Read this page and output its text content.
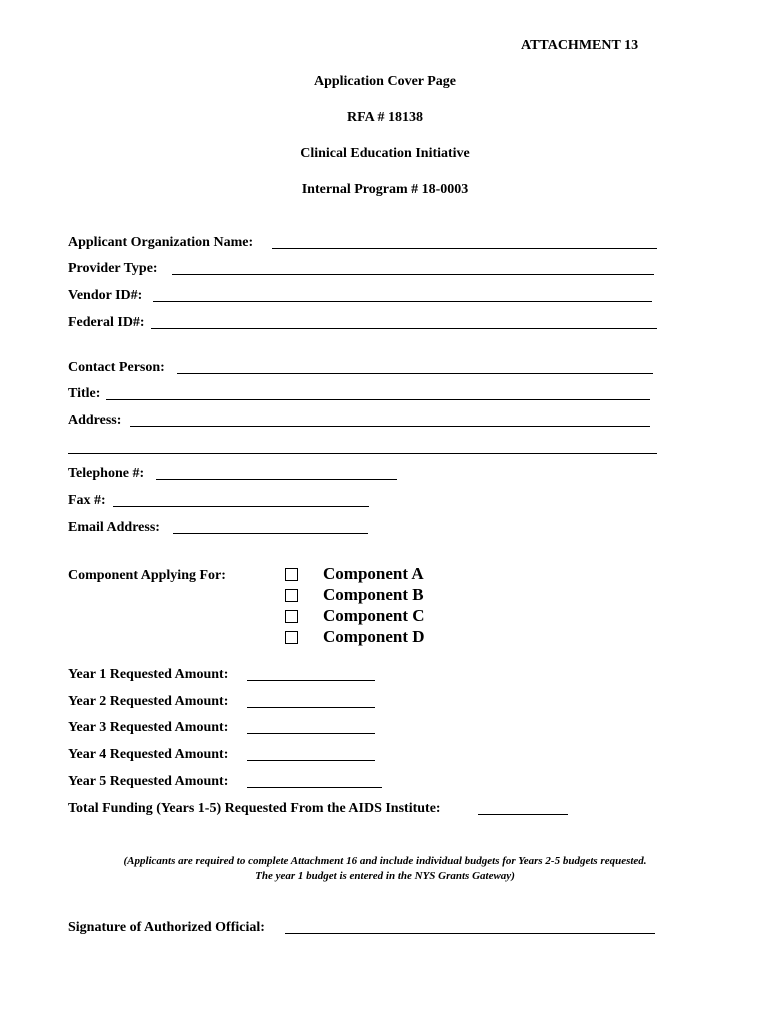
ATTACHMENT 13
Application Cover Page
RFA # 18138
Clinical Education Initiative
Internal Program # 18-0003
Applicant Organization Name:
Provider Type:
Vendor ID#:
Federal ID#:
Contact Person:
Title:
Address:
Telephone #:
Fax #:
Email Address:
Component Applying For:	Component A
Component B
Component C
Component D
Year 1 Requested Amount:
Year 2 Requested Amount:
Year 3 Requested Amount:
Year 4 Requested Amount:
Year 5 Requested Amount:
Total Funding (Years 1-5) Requested From the AIDS Institute:
(Applicants are required to complete Attachment 16 and include individual budgets for Years 2-5 budgets requested.
The year 1 budget is entered in the NYS Grants Gateway)
Signature of Authorized Official:
